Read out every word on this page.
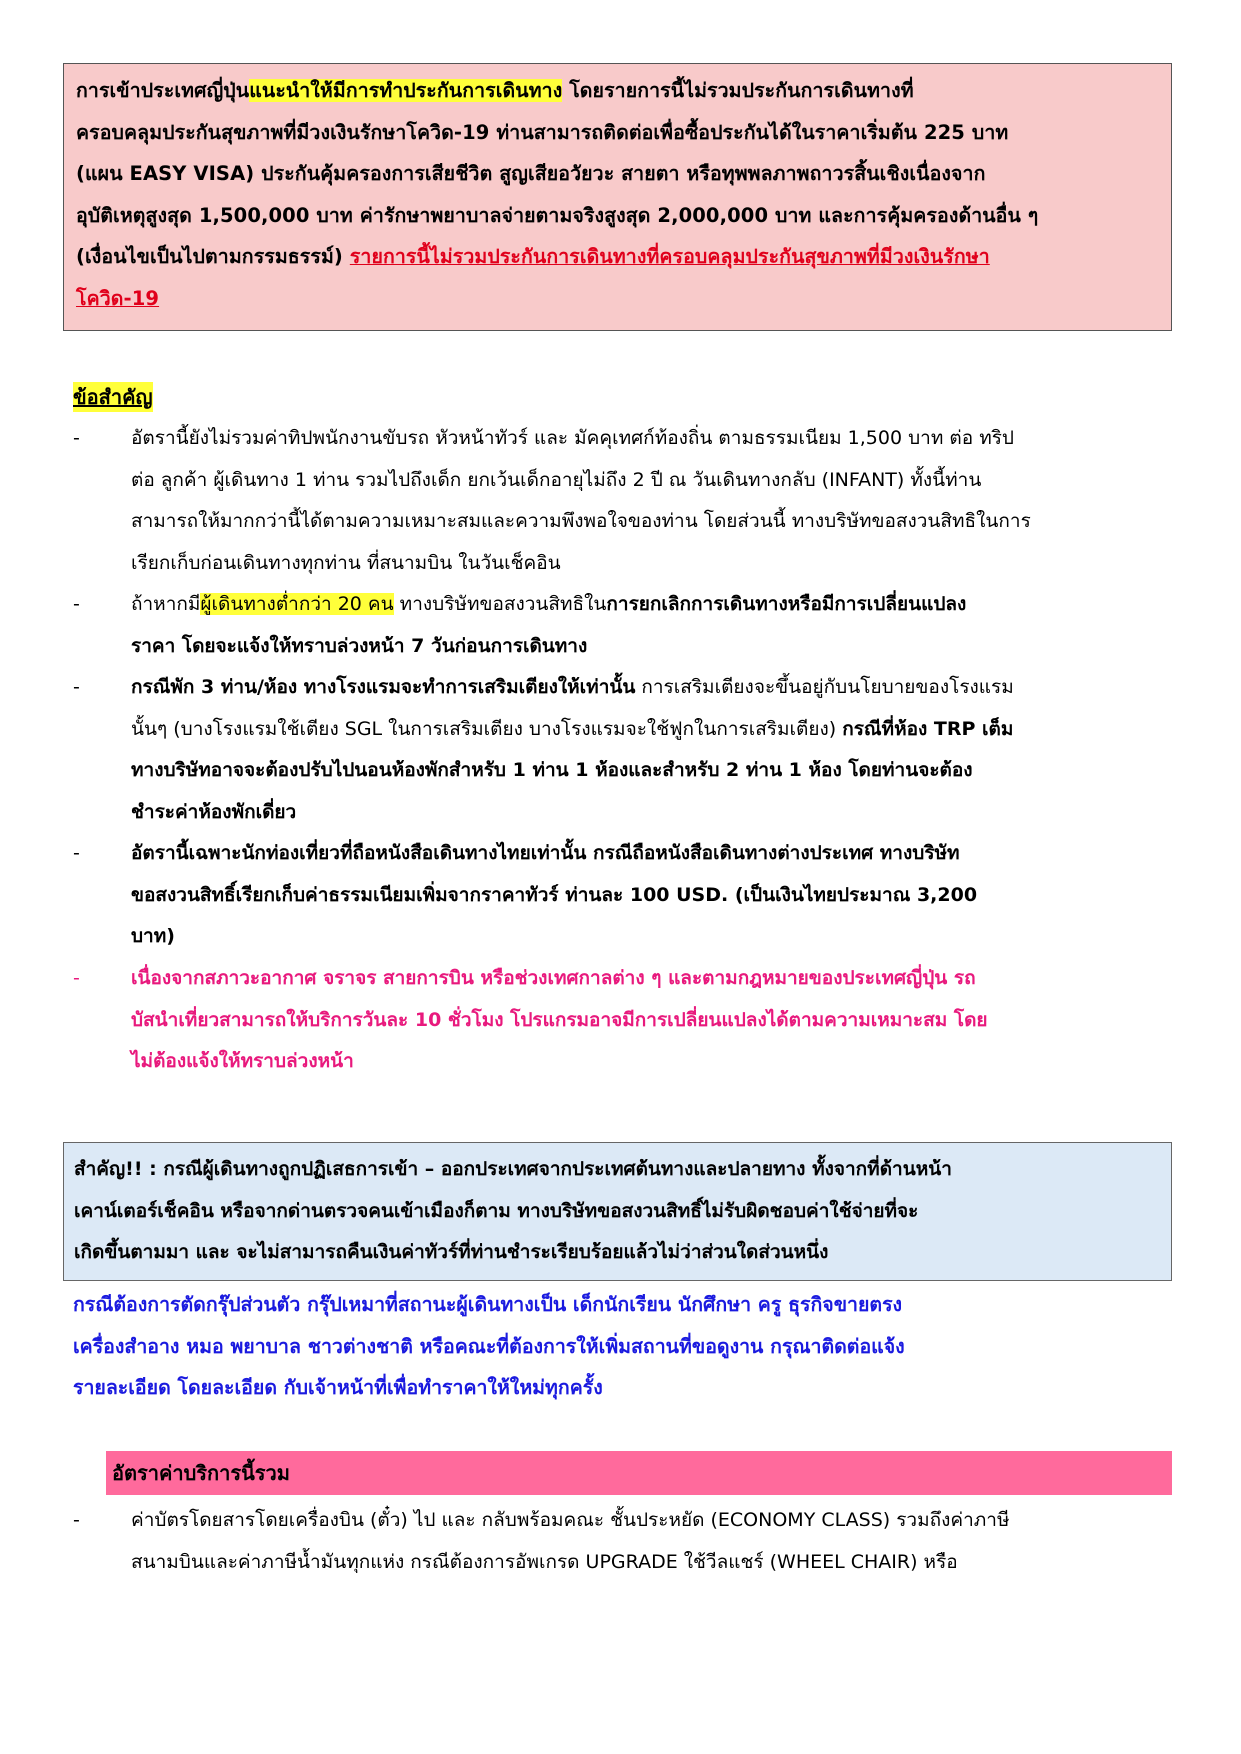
การเข้าประเทศญี่ปุ่นแนะนำให้มีการทำประกันการเดินทาง โดยรายการนี้ไม่รวมประกันการเดินทางที่

ครอบคลุมประกันสุขภาพที่มีวงเงินรักษาโควิด-19 ท่านสามารถติดต่อเพื่อซื้อประกันได้ในราคาเริ่มต้น 225 บาท

(แผน EASY VISA) ประกันคุ้มครองการเสียชีวิต สูญเสียอวัยวะ สายตา หรือทุพพลภาพถาวรสิ้นเชิงเนื่องจาก

อุบัติเหตุสูงสุด 1,500,000 บาท ค่ารักษาพยาบาลจ่ายตามจริงสูงสุด 2,000,000 บาท และการคุ้มครองด้านอื่น ๆ

(เงื่อนไขเป็นไปตามกรรมธรรม์) รายการนี้ไม่รวมประกันการเดินทางที่ครอบคลุมประกันสุขภาพที่มีวงเงินรักษา

โควิด-19

ข้อสำคัญ
-	อัตรานี้ยังไม่รวมค่าทิปพนักงานขับรถ หัวหน้าทัวร์ และ มัคคุเทศก์ท้องถิ่น ตามธรรมเนียม 1,500 บาท ต่อ ทริป

ต่อ ลูกค้า ผู้เดินทาง 1 ท่าน รวมไปถึงเด็ก ยกเว้นเด็กอายุไม่ถึง 2 ปี ณ วันเดินทางกลับ (INFANT) ทั้งนี้ท่าน

สามารถให้มากกว่านี้ได้ตามความเหมาะสมและความพึงพอใจของท่าน โดยส่วนนี้ ทางบริษัทขอสงวนสิทธิในการ

เรียกเก็บก่อนเดินทางทุกท่าน ที่สนามบิน ในวันเช็คอิน

-	ถ้าหากมีผู้เดินทางต่ำกว่า 20 คน ทางบริษัทขอสงวนสิทธิในการยกเลิกการเดินทางหรือมีการเปลี่ยนแปลง

ราคา โดยจะแจ้งให้ทราบล่วงหน้า 7 วันก่อนการเดินทาง

-	กรณีพัก 3 ท่าน/ห้อง ทางโรงแรมจะทำการเสริมเตียงให้เท่านั้น การเสริมเตียงจะขึ้นอยู่กับนโยบายของโรงแรม

นั้นๆ (บางโรงแรมใช้เตียง SGL ในการเสริมเตียง บางโรงแรมจะใช้ฟูกในการเสริมเตียง) กรณีที่ห้อง TRP เต็ม

ทางบริษัทอาจจะต้องปรับไปนอนห้องพักสำหรับ 1 ท่าน 1 ห้องและสำหรับ 2 ท่าน 1 ห้อง โดยท่านจะต้อง

ชำระค่าห้องพักเดี่ยว

-	อัตรานี้เฉพาะนักท่องเที่ยวที่ถือหนังสือเดินทางไทยเท่านั้น กรณีถือหนังสือเดินทางต่างประเทศ ทางบริษัท

ขอสงวนสิทธิ์เรียกเก็บค่าธรรมเนียมเพิ่มจากราคาทัวร์ ท่านละ 100 USD. (เป็นเงินไทยประมาณ 3,200

บาท)

-	เนื่องจากสภาวะอากาศ จราจร สายการบิน หรือช่วงเทศกาลต่าง ๆ และตามกฎหมายของประเทศญี่ปุ่น รถ

บัสนำเที่ยวสามารถให้บริการวันละ 10 ชั่วโมง โปรแกรมอาจมีการเปลี่ยนแปลงได้ตามความเหมาะสม โดย

ไม่ต้องแจ้งให้ทราบล่วงหน้า

สำคัญ!! : กรณีผู้เดินทางถูกปฏิเสธการเข้า – ออกประเทศจากประเทศต้นทางและปลายทาง ทั้งจากที่ด้านหน้า

เคาน์เตอร์เช็คอิน หรือจากด่านตรวจคนเข้าเมืองก็ตาม ทางบริษัทขอสงวนสิทธิ์ไม่รับผิดชอบค่าใช้จ่ายที่จะ

เกิดขึ้นตามมา และ จะไม่สามารถคืนเงินค่าทัวร์ที่ท่านชำระเรียบร้อยแล้วไม่ว่าส่วนใดส่วนหนึ่ง

กรณีต้องการตัดกรุ๊ปส่วนตัว กรุ๊ปเหมาที่สถานะผู้เดินทางเป็น เด็กนักเรียน นักศึกษา ครู ธุรกิจขายตรง

เครื่องสำอาง หมอ พยาบาล ชาวต่างชาติ หรือคณะที่ต้องการให้เพิ่มสถานที่ขอดูงาน กรุณาติดต่อแจ้ง

รายละเอียด โดยละเอียด กับเจ้าหน้าที่เพื่อทำราคาให้ใหม่ทุกครั้ง

อัตราค่าบริการนี้รวม
-	ค่าบัตรโดยสารโดยเครื่องบิน (ตั๋ว) ไป และ กลับพร้อมคณะ ชั้นประหยัด (ECONOMY CLASS) รวมถึงค่าภาษี

สนามบินและค่าภาษีน้ำมันทุกแห่ง กรณีต้องการอัพเกรด UPGRADE ใช้วีลแชร์ (WHEEL CHAIR) หรือ
